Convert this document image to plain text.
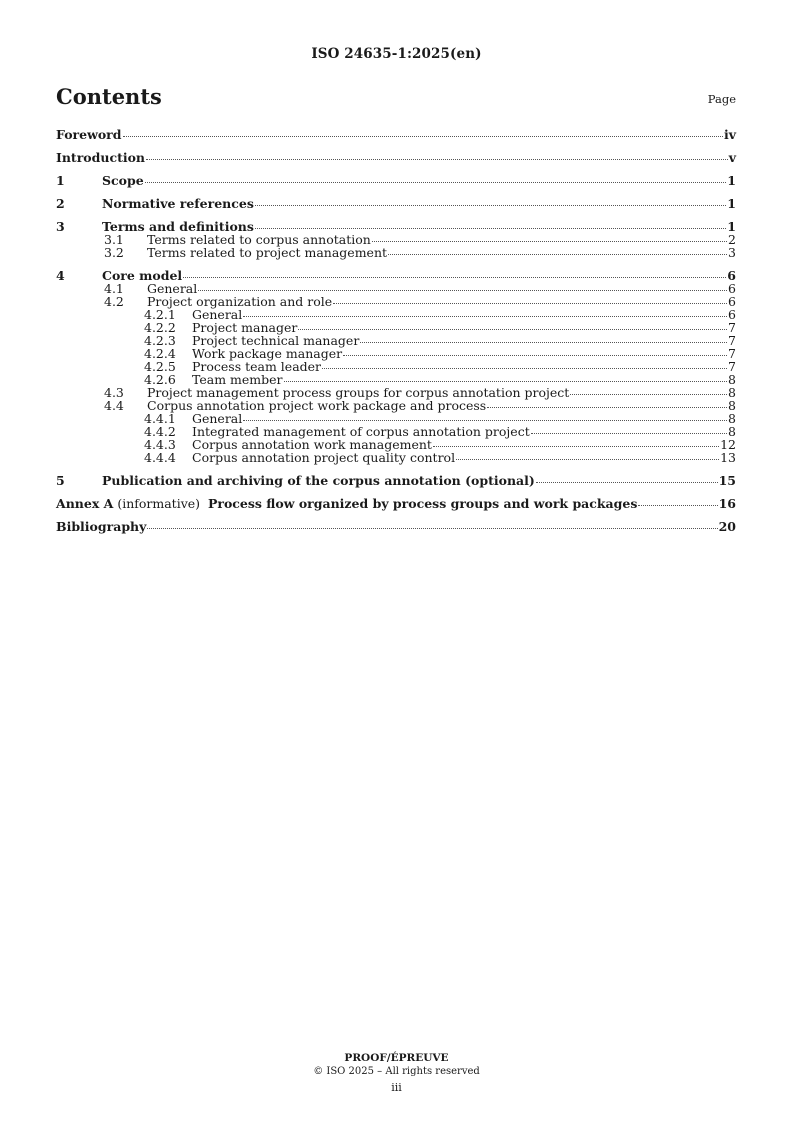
ISO 24635-1:2025(en)
Contents	Page
Foreword	iv
Introduction	v
1	Scope	1
2	Normative references	1
3	Terms and definitions	1
3.1	Terms related to corpus annotation	2
3.2	Terms related to project management	3
4	Core model	6
4.1	General	6
4.2	Project organization and role	6
4.2.1	General	6
4.2.2	Project manager	7
4.2.3	Project technical manager	7
4.2.4	Work package manager	7
4.2.5	Process team leader	7
4.2.6	Team member	8
4.3	Project management process groups for corpus annotation project	8
4.4	Corpus annotation project work package and process	8
4.4.1	General	8
4.4.2	Integrated management of corpus annotation project	8
4.4.3	Corpus annotation work management	12
4.4.4	Corpus annotation project quality control	13
5	Publication and archiving of the corpus annotation (optional)	15
Annex A (informative)  Process flow organized by process groups and work packages	16
Bibliography	20
PROOF/ÉPREUVE
© ISO 2025 – All rights reserved
iii
